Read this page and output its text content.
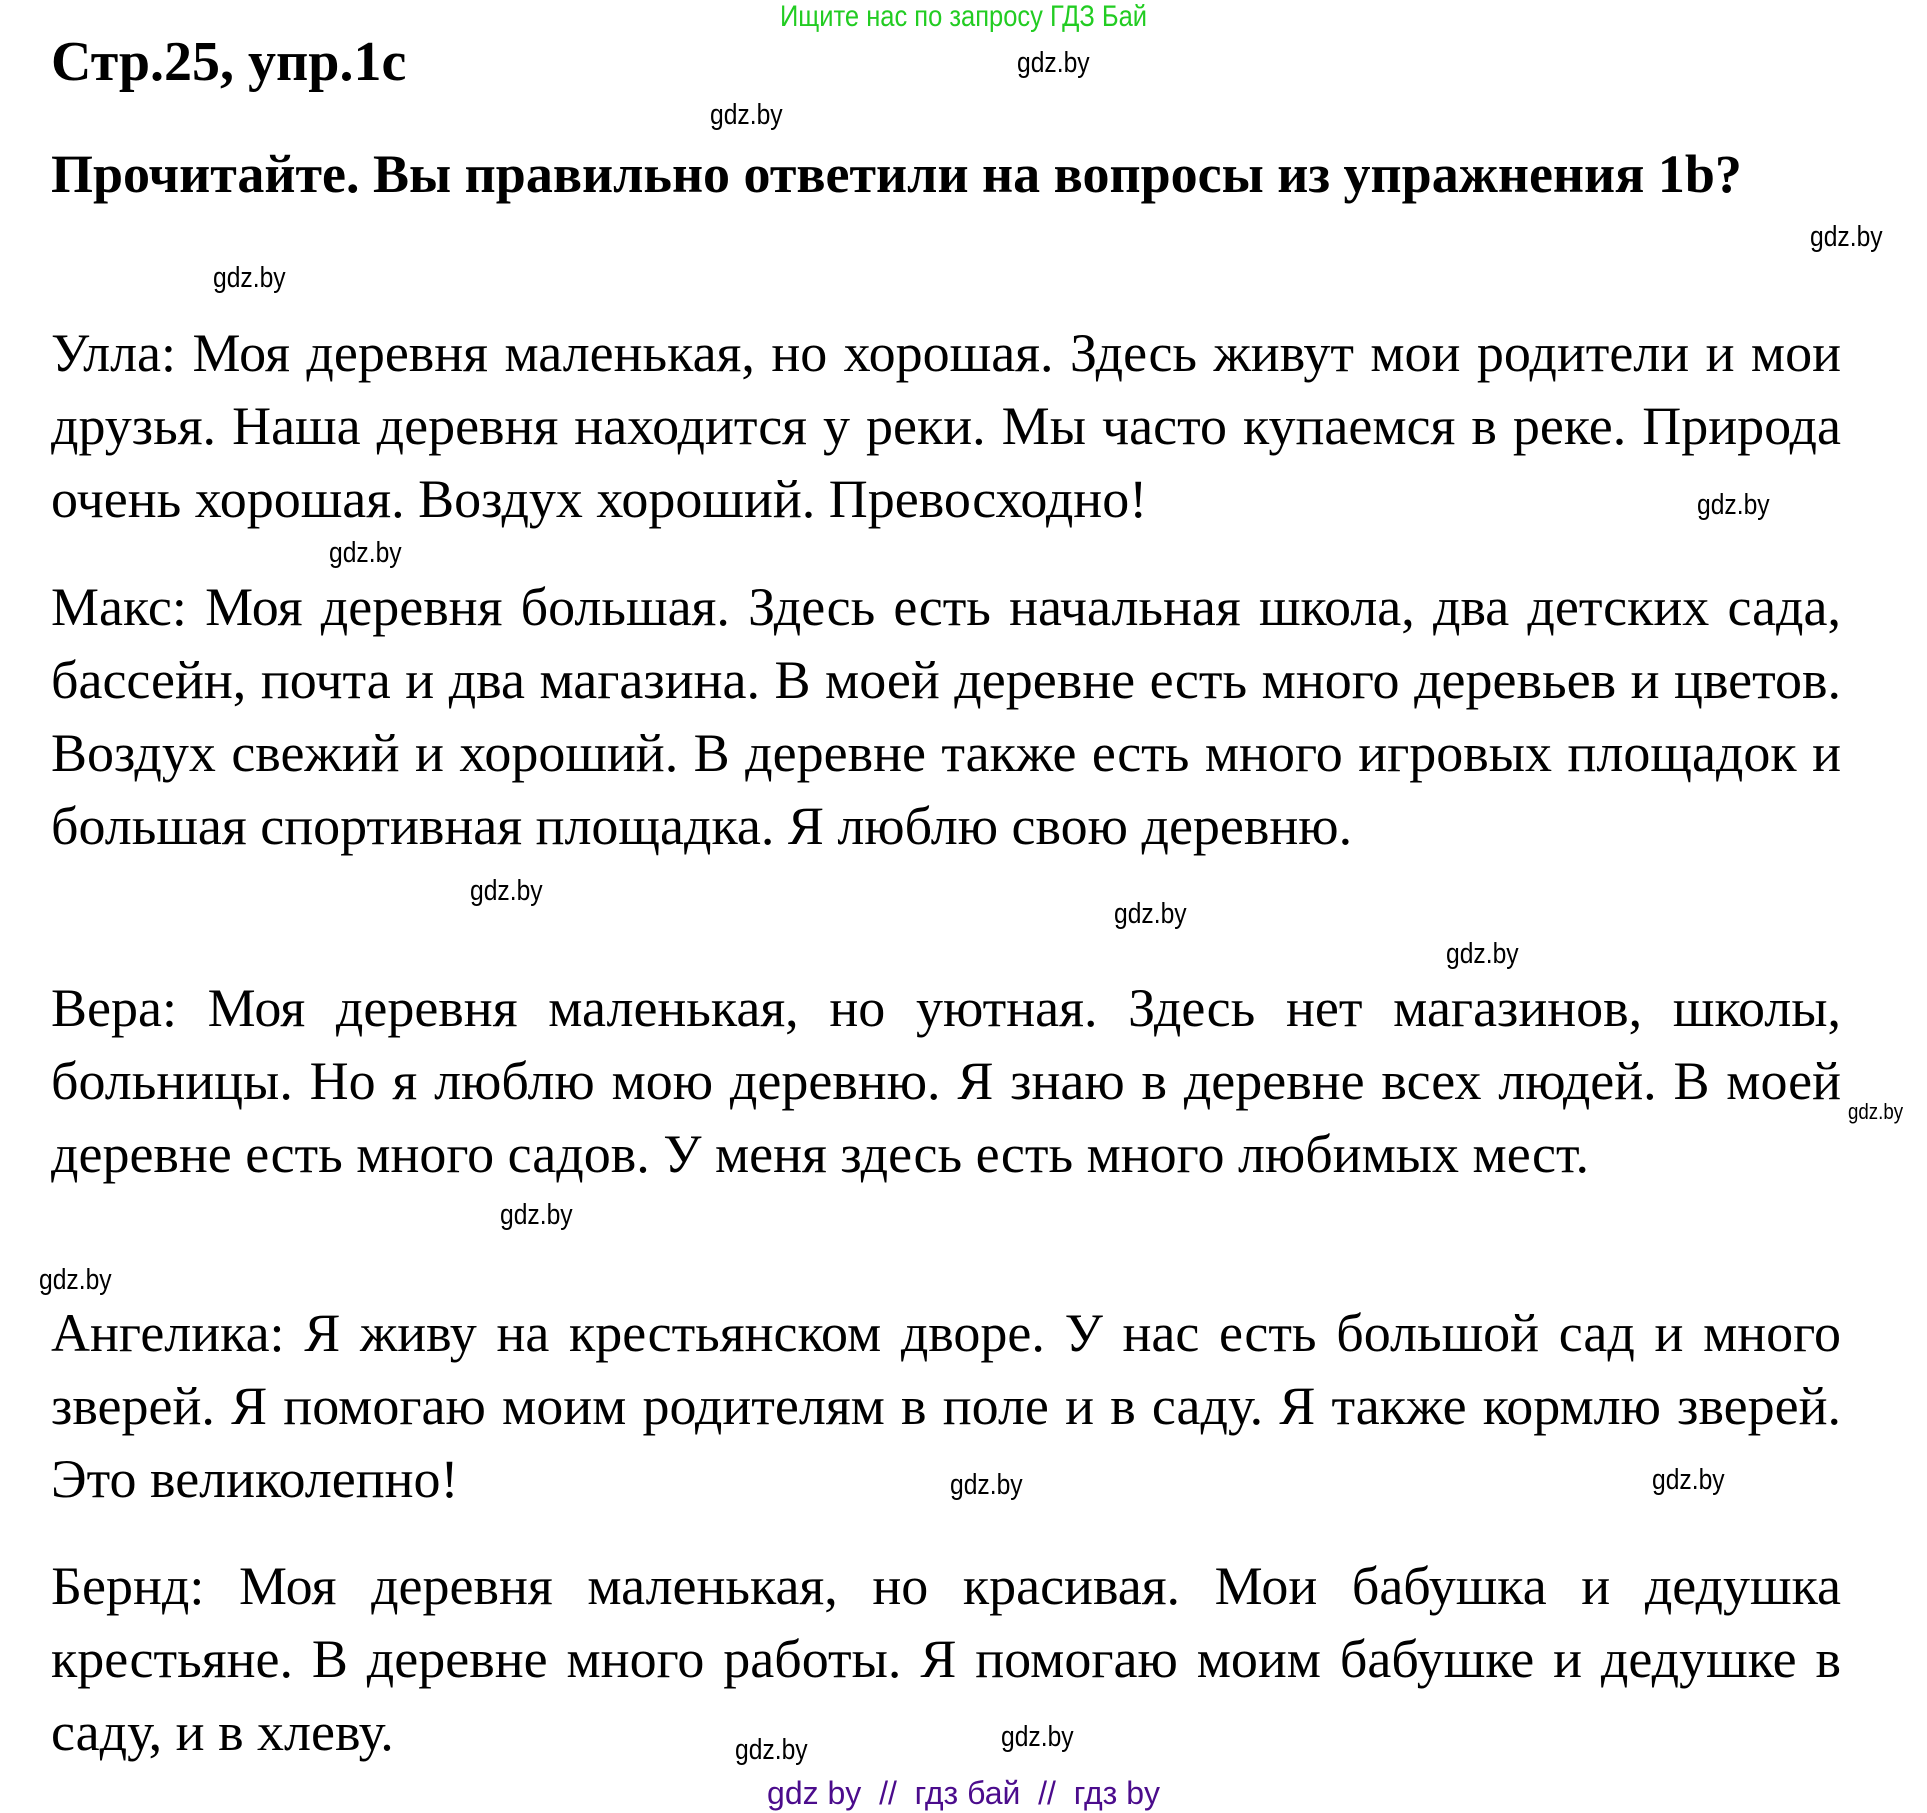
Ищите нас по запросу ГДЗ Бай
Стр.25, упр.1с
Прочитайте. Вы правильно ответили на вопросы из упражнения 1b?
Улла: Моя деревня маленькая, но хорошая. Здесь живут мои родители и мои друзья. Наша деревня находится у реки. Мы часто купаемся в реке. Природа очень хорошая. Воздух хороший. Превосходно!
Макс: Моя деревня большая. Здесь есть начальная школа, два детских сада, бассейн, почта и два магазина. В моей деревне есть много деревьев и цветов. Воздух свежий и хороший. В деревне также есть много игровых площадок и большая спортивная площадка. Я люблю свою деревню.
Вера: Моя деревня маленькая, но уютная. Здесь нет магазинов, школы, больницы. Но я люблю мою деревню. Я знаю в деревне всех людей. В моей деревне есть много садов. У меня здесь есть много любимых мест.
Ангелика: Я живу на крестьянском дворе. У нас есть большой сад и много зверей. Я помогаю моим родителям в поле и в саду. Я также кормлю зверей. Это великолепно!
Бернд: Моя деревня маленькая, но красивая. Мои бабушка и дедушка крестьяне. В деревне много работы. Я помогаю моим бабушке и дедушке в саду, и в хлеву.
gdz.by
gdz.by
gdz.by
gdz.by
gdz.by
gdz.by
gdz.by
gdz.by
gdz.by
gdz.by
gdz.by
gdz.by
gdz.by
gdz.by
gdz.by
gdz.by
gdz by  //  гдз бай  //  гдз by
